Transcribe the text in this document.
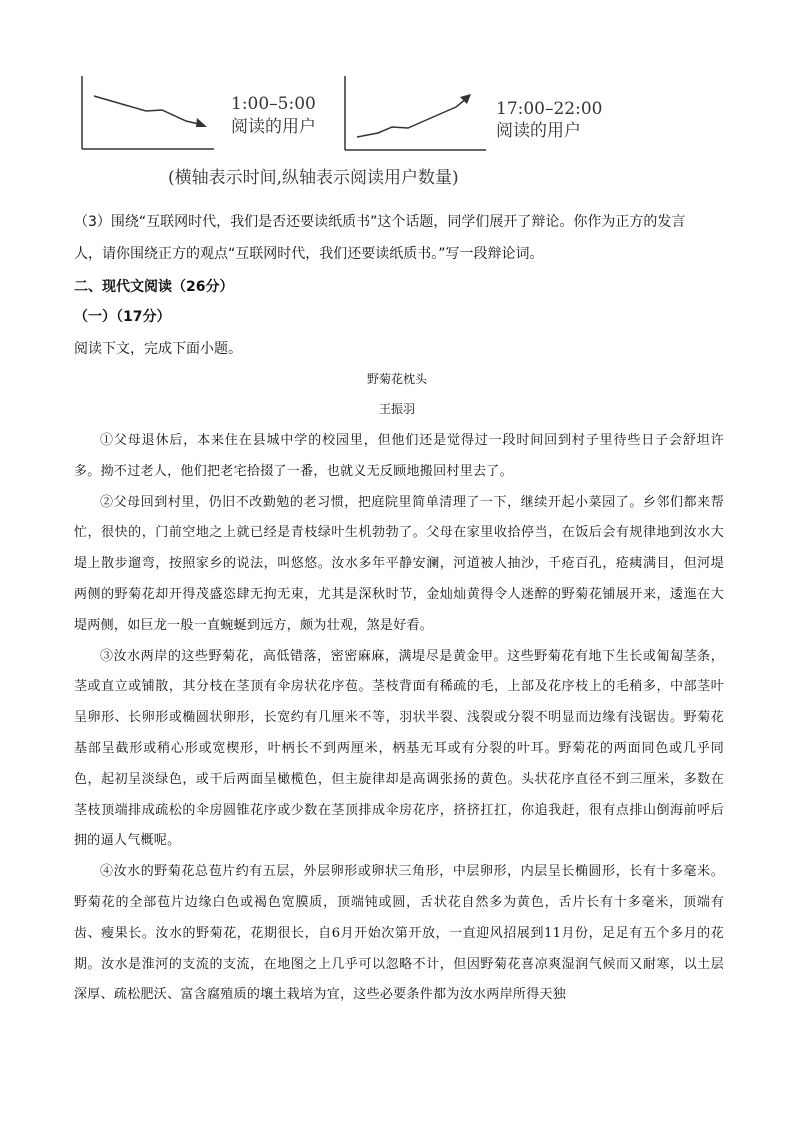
1:00–5:00
阅读的用户
17:00–22:00
阅读的用户
(横轴表示时间,纵轴表示阅读用户数量)

（3）围绕“互联网时代，我们是否还要读纸质书”这个话题，同学们展开了辩论。你作为正方的发言

人，请你围绕正方的观点“互联网时代，我们还要读纸质书。”写一段辩论词。

二、现代文阅读（26分）
（一）（17分）
阅读下文，完成下面小题。
野菊花枕头
王振羽

①父母退休后，本来住在县城中学的校园里，但他们还是觉得过一段时间回到村子里待些日子会舒坦许多。拗不过老人，他们把老宅拾掇了一番，也就义无反顾地搬回村里去了。

②父母回到村里，仍旧不改勤勉的老习惯，把庭院里简单清理了一下，继续开起小菜园了。乡邻们都来帮忙，很快的，门前空地之上就已经是青枝绿叶生机勃勃了。父母在家里收拾停当，在饭后会有规律地到汝水大堤上散步遛弯，按照家乡的说法，叫悠悠。汝水多年平静安澜，河道被人抽沙，千疮百孔，疮痍满目，但河堤两侧的野菊花却开得茂盛恣肆无拘无束，尤其是深秋时节，金灿灿黄得令人迷醉的野菊花铺展开来，逶迤在大堤两侧，如巨龙一般一直蜿蜒到远方，颇为壮观，煞是好看。

③汝水两岸的这些野菊花，高低错落，密密麻麻，满堤尽是黄金甲。这些野菊花有地下生长或匍匐茎条，茎或直立或铺散，其分枝在茎顶有伞房状花序苞。茎枝背面有稀疏的毛，上部及花序枝上的毛稍多，中部茎叶呈卵形、长卵形或椭圆状卵形，长宽约有几厘米不等，羽状半裂、浅裂或分裂不明显而边缘有浅锯齿。野菊花基部呈截形或稍心形或宽楔形，叶柄长不到两厘米，柄基无耳或有分裂的叶耳。野菊花的两面同色或几乎同色，起初呈淡绿色，或干后两面呈橄榄色，但主旋律却是高调张扬的黄色。头状花序直径不到三厘米，多数在茎枝顶端排成疏松的伞房圆锥花序或少数在茎顶排成伞房花序，挤挤扛扛，你追我赶，很有点排山倒海前呼后拥的逼人气概呢。

④汝水的野菊花总苞片约有五层，外层卵形或卵状三角形，中层卵形，内层呈长椭圆形，长有十多毫米。野菊花的全部苞片边缘白色或褐色宽膜质，顶端钝或圆，舌状花自然多为黄色，舌片长有十多毫米，顶端有齿、瘦果长。汝水的野菊花，花期很长，自6月开始次第开放，一直迎风招展到11月份，足足有五个多月的花期。汝水是淮河的支流的支流，在地图之上几乎可以忽略不计，但因野菊花喜凉爽湿润气候而又耐寒，以土层深厚、疏松肥沃、富含腐殖质的壤土栽培为宜，这些必要条件都为汝水两岸所得天独
